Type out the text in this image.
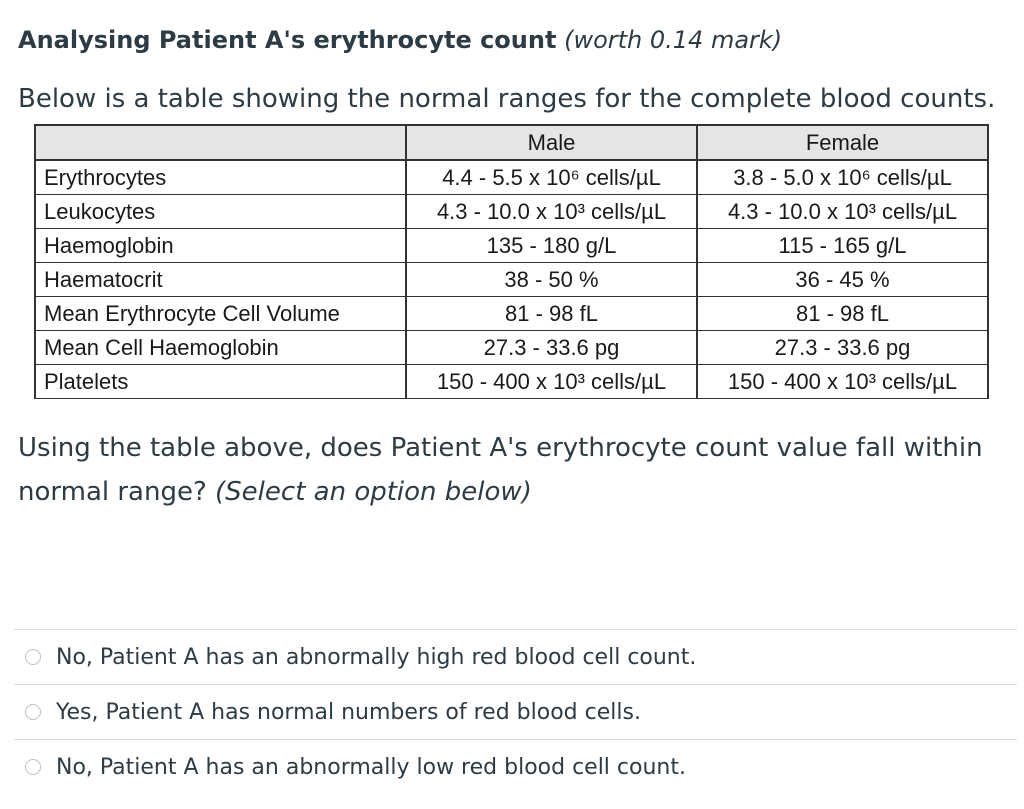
Analysing Patient A's erythrocyte count (worth 0.14 mark)
Below is a table showing the normal ranges for the complete blood counts.
	Male	Female
Erythrocytes	4.4 - 5.5 x 10⁶ cells/µL	3.8 - 5.0 x 10⁶ cells/µL
Leukocytes	4.3 - 10.0 x 10³ cells/µL	4.3 - 10.0 x 10³ cells/µL
Haemoglobin	135 - 180 g/L	115 - 165 g/L
Haematocrit	38 - 50 %	36 - 45 %
Mean Erythrocyte Cell Volume	81 - 98 fL	81 - 98 fL
Mean Cell Haemoglobin	27.3 - 33.6 pg	27.3 - 33.6 pg
Platelets	150 - 400 x 10³ cells/µL	150 - 400 x 10³ cells/µL
Using the table above, does Patient A's erythrocyte count value fall within normal range? (Select an option below)
No, Patient A has an abnormally high red blood cell count.
Yes, Patient A has normal numbers of red blood cells.
No, Patient A has an abnormally low red blood cell count.
